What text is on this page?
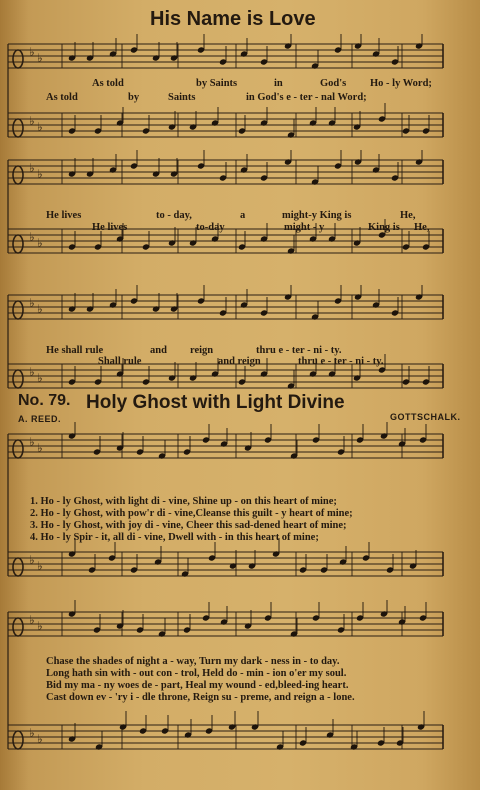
His Name is Love
♭ ♭
♭ ♭
♭ ♭
♭ ♭
♭ ♭
♭ ♭
As told	by Saints	in	God's Ho - ly Word;
As told	by	Saints	in God's e - ter - nal Word;
He lives	to - day,	a	might-y King is	He,
He lives	to-day	might - y	King is He,
He shall rule	and reign	thru e - ter - ni - ty.
Shall rule	and reign	thru e - ter - ni - ty.
No. 79. Holy Ghost with Light Divine
A. REED.	GOTTSCHALK.
♭ ♭
♭ ♭
♭ ♭
♭ ♭
1. Ho - ly Ghost, with light di - vine, Shine up - on this heart of mine;
2. Ho - ly Ghost, with pow'r di - vine,Cleanse this guilt - y heart of mine;
3. Ho - ly Ghost, with joy di - vine, Cheer this sad-dened heart of mine;
4. Ho - ly Spir - it, all di - vine, Dwell with - in this heart of mine;
Chase the shades of night a - way, Turn my dark - ness in - to day.
Long hath sin with - out con - trol, Held do - min - ion o'er my soul.
Bid my ma - ny woes de - part, Heal my wound - ed,bleed-ing heart.
Cast down ev - 'ry i - dle throne, Reign su - preme, and reign a - lone.
